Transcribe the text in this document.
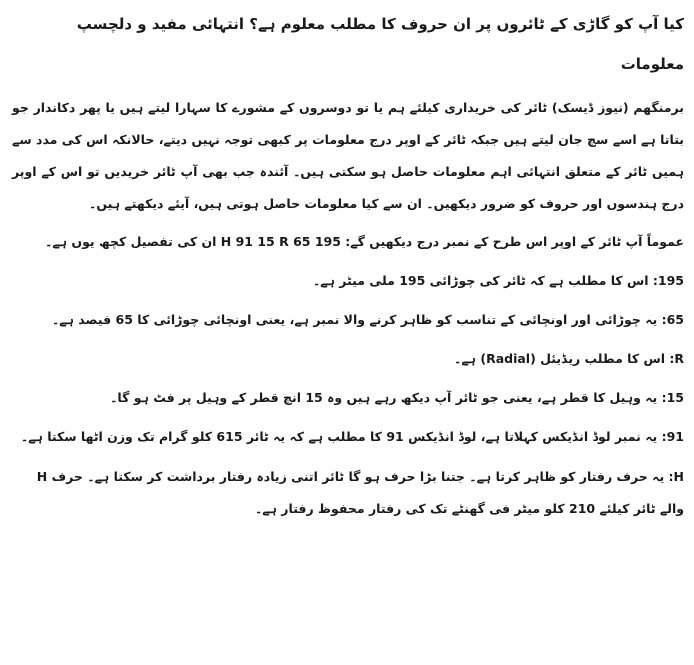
کیا آپ کو گاڑی کے ٹائروں پر ان حروف کا مطلب معلوم ہے؟ انتہائی مفید و دلچسپ معلومات

برمنگھم (نیوز ڈیسک) ٹائر کی خریداری کیلئے ہم یا تو دوسروں کے مشورے کا سہارا لیتے ہیں یا پھر دکاندار جو بتاتا ہے اسے سچ جان لیتے ہیں جبکہ ٹائر کے اوپر درج معلومات پر کبھی توجہ نہیں دیتے، حالانکہ اس کی مدد سے ہمیں ٹائر کے متعلق انتہائی اہم معلومات حاصل ہو سکتی ہیں۔ آئندہ جب بھی آپ ٹائر خریدیں تو اس کے اوپر درج ہندسوں اور حروف کو ضرور دیکھیں۔ ان سے کیا معلومات حاصل ہوتی ہیں، آیئے دیکھتے ہیں۔

عموماً آپ ٹائر کے اوپر اس طرح کے نمبر درج دیکھیں گے: 195 65 H 91 15 R ان کی تفصیل کچھ یوں ہے۔

195: اس کا مطلب ہے کہ ٹائر کی چوڑائی 195 ملی میٹر ہے۔

65: یہ چوڑائی اور اونچائی کے تناسب کو ظاہر کرنے والا نمبر ہے، یعنی اونچائی چوڑائی کا 65 فیصد ہے۔

R: اس کا مطلب ریڈیئل (Radial) ہے۔

15: یہ وہیل کا قطر ہے، یعنی جو ٹائر آپ دیکھ رہے ہیں وہ 15 انچ قطر کے وہیل پر فٹ ہو گا۔

91: یہ نمبر لوڈ انڈیکس کہلاتا ہے، لوڈ انڈیکس 91 کا مطلب ہے کہ یہ ٹائر 615 کلو گرام تک وزن اٹھا سکتا ہے۔

H: یہ حرف رفتار کو ظاہر کرتا ہے۔ جتنا بڑا حرف ہو گا ٹائر اتنی زیادہ رفتار برداشت کر سکتا ہے۔ حرف H والے ٹائر کیلئے 210 کلو میٹر فی گھنٹے تک کی رفتار محفوظ رفتار ہے۔
